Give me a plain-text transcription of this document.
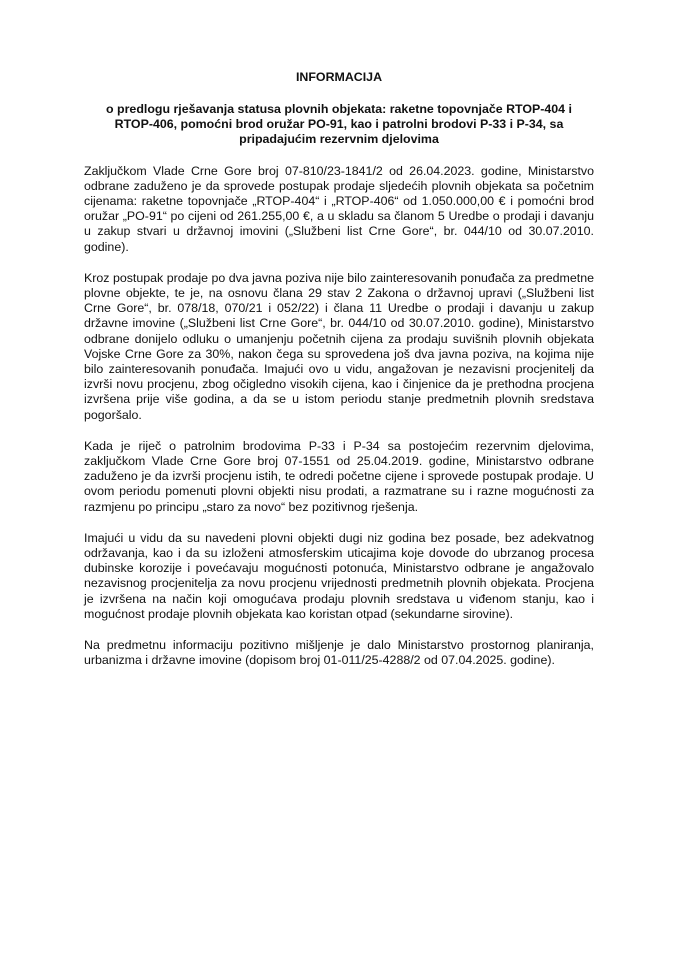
INFORMACIJA
o predlogu rješavanja statusa plovnih objekata: raketne topovnjače RTOP-404 i RTOP-406, pomoćni brod oružar PO-91, kao i patrolni brodovi P-33 i P-34, sa pripadajućim rezervnim djelovima

Zaključkom Vlade Crne Gore broj 07-810/23-1841/2 od 26.04.2023. godine, Ministarstvo odbrane zaduženo je da sprovede postupak prodaje sljedećih plovnih objekata sa početnim cijenama: raketne topovnjače „RTOP-404“ i „RTOP-406“ od 1.050.000,00 € i pomoćni brod oružar „PO-91“ po cijeni od 261.255,00 €, a u skladu sa članom 5 Uredbe o prodaji i davanju u zakup stvari u državnoj imovini („Službeni list Crne Gore“, br. 044/10 od 30.07.2010. godine).

Kroz postupak prodaje po dva javna poziva nije bilo zainteresovanih ponuđača za predmetne plovne objekte, te je, na osnovu člana 29 stav 2 Zakona o državnoj upravi („Službeni list Crne Gore“, br. 078/18, 070/21 i 052/22) i člana 11 Uredbe o prodaji i davanju u zakup državne imovine („Službeni list Crne Gore“, br. 044/10 od 30.07.2010. godine), Ministarstvo odbrane donijelo odluku o umanjenju početnih cijena za prodaju suvišnih plovnih objekata Vojske Crne Gore za 30%, nakon čega su sprovedena još dva javna poziva, na kojima nije bilo zainteresovanih ponuđača. Imajući ovo u vidu, angažovan je nezavisni procjenitelj da izvrši novu procjenu, zbog očigledno visokih cijena, kao i činjenice da je prethodna procjena izvršena prije više godina, a da se u istom periodu stanje predmetnih plovnih sredstava pogoršalo.

Kada je riječ o patrolnim brodovima P-33 i P-34 sa postojećim rezervnim djelovima, zaključkom Vlade Crne Gore broj 07-1551 od 25.04.2019. godine, Ministarstvo odbrane zaduženo je da izvrši procjenu istih, te odredi početne cijene i sprovede postupak prodaje. U ovom periodu pomenuti plovni objekti nisu prodati, a razmatrane su i razne mogućnosti za razmjenu po principu „staro za novo“ bez pozitivnog rješenja.

Imajući u vidu da su navedeni plovni objekti dugi niz godina bez posade, bez adekvatnog održavanja, kao i da su izloženi atmosferskim uticajima koje dovode do ubrzanog procesa dubinske korozije i povećavaju mogućnosti potonuća, Ministarstvo odbrane je angažovalo nezavisnog procjenitelja za novu procjenu vrijednosti predmetnih plovnih objekata. Procjena je izvršena na način koji omogućava prodaju plovnih sredstava u viđenom stanju, kao i mogućnost prodaje plovnih objekata kao koristan otpad (sekundarne sirovine).

Na predmetnu informaciju pozitivno mišljenje je dalo Ministarstvo prostornog planiranja, urbanizma i državne imovine (dopisom broj 01-011/25-4288/2 od 07.04.2025. godine).
